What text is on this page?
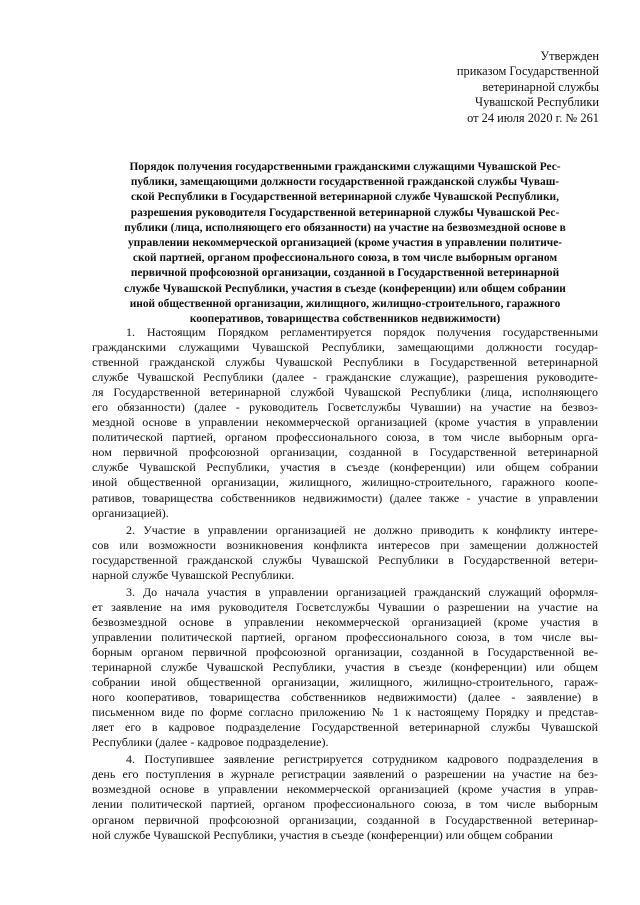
Утвержден
приказом Государственной
ветеринарной службы
Чувашской Республики
от 24 июля 2020 г. № 261
Порядок получения государственными гражданскими служащими Чувашской Рес-
публики, замещающими должности государственной гражданской службы Чуваш-
ской Республики в Государственной ветеринарной службе Чувашской Республики,
разрешения руководителя Государственной ветеринарной службы Чувашской Рес-
публики (лица, исполняющего его обязанности) на участие на безвозмездной основе в
управлении некоммерческой организацией (кроме участия в управлении политиче-
ской партией, органом профессионального союза, в том числе выборным органом
первичной профсоюзной организации, созданной в Государственной ветеринарной
службе Чувашской Республики, участия в съезде (конференции) или общем собрании
иной общественной организации, жилищного, жилищно-строительного, гаражного
кооперативов, товарищества собственников недвижимости)
1. Настоящим Порядком регламентируется порядок получения государственными
гражданскими служащими Чувашской Республики, замещающими должности государ-
ственной гражданской службы Чувашской Республики в Государственной ветеринарной
службе Чувашской Республики (далее - гражданские служащие), разрешения руководите-
ля Государственной ветеринарной службой Чувашской Республики (лица, исполняющего
его обязанности) (далее - руководитель Госветслужбы Чувашии) на участие на безвоз-
мездной основе в управлении некоммерческой организацией (кроме участия в управлении
политической партией, органом профессионального союза, в том числе выборным орга-
ном первичной профсоюзной организации, созданной в Государственной ветеринарной
службе Чувашской Республики, участия в съезде (конференции) или общем собрании
иной общественной организации, жилищного, жилищно-строительного, гаражного коопе-
ративов, товарищества собственников недвижимости) (далее также - участие в управлении
организацией).
2. Участие в управлении организацией не должно приводить к конфликту интере-
сов или возможности возникновения конфликта интересов при замещении должностей
государственной гражданской службы Чувашской Республики в Государственной ветери-
нарной службе Чувашской Республики.
3. До начала участия в управлении организацией гражданский служащий оформля-
ет заявление на имя руководителя Госветслужбы Чувашии о разрешении на участие на
безвозмездной основе в управлении некоммерческой организацией (кроме участия в
управлении политической партией, органом профессионального союза, в том числе вы-
борным органом первичной профсоюзной организации, созданной в Государственной ве-
теринарной службе Чувашской Республики, участия в съезде (конференции) или общем
собрании иной общественной организации, жилищного, жилищно-строительного, гараж-
ного кооперативов, товарищества собственников недвижимости) (далее - заявление) в
письменном виде по форме согласно приложению № 1 к настоящему Порядку и представ-
ляет его в кадровое подразделение Государственной ветеринарной службы Чувашской
Республики (далее - кадровое подразделение).
4. Поступившее заявление регистрируется сотрудником кадрового подразделения в
день его поступления в журнале регистрации заявлений о разрешении на участие на без-
возмездной основе в управлении некоммерческой организацией (кроме участия в управ-
лении политической партией, органом профессионального союза, в том числе выборным
органом первичной профсоюзной организации, созданной в Государственной ветеринар-
ной службе Чувашской Республики, участия в съезде (конференции) или общем собрании
